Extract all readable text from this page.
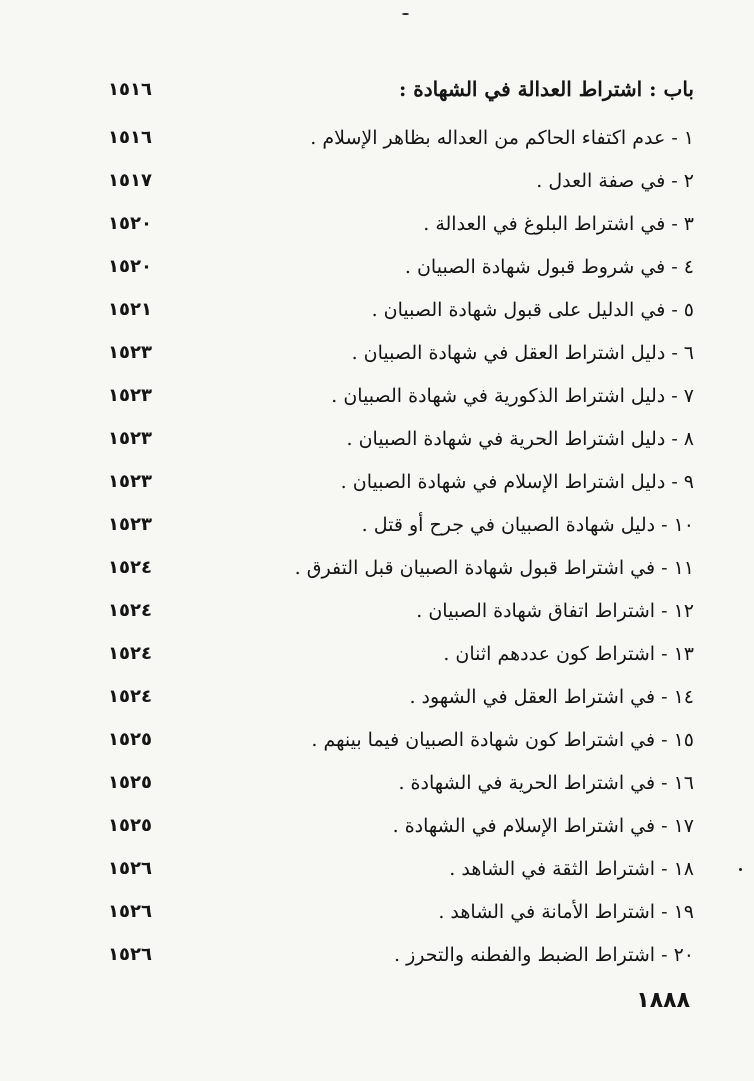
١٥١٦	باب : اشتراط العدالة في الشهادة :
١٥١٦	١ - عدم اكتفاء الحاكم من العداله بظاهر الإسلام .
١٥١٧	٢ - في صفة العدل .
١٥٢٠	٣ - في اشتراط البلوغ في العدالة .
١٥٢٠	٤ - في شروط قبول شهادة الصبيان .
١٥٢١	٥ - في الدليل على قبول شهادة الصبيان .
١٥٢٣	٦ - دليل اشتراط العقل في شهادة الصبيان .
١٥٢٣	٧ - دليل اشتراط الذكورية في شهادة الصبيان .
١٥٢٣	٨ - دليل اشتراط الحرية في شهادة الصبيان .
١٥٢٣	٩ - دليل اشتراط الإسلام في شهادة الصبيان .
١٥٢٣	١٠ - دليل شهادة الصبيان في جرح أو قتل .
١٥٢٤	١١ - في اشتراط قبول شهادة الصبيان قبل التفرق .
١٥٢٤	١٢ - اشتراط اتفاق شهادة الصبيان .
١٥٢٤	١٣ - اشتراط كون عددهم اثنان .
١٥٢٤	١٤ - في اشتراط العقل في الشهود .
١٥٢٥	١٥ - في اشتراط كون شهادة الصبيان فيما بينهم .
١٥٢٥	١٦ - في اشتراط الحرية في الشهادة .
١٥٢٥	١٧ - في اشتراط الإسلام في الشهادة .
١٥٢٦	١٨ - اشتراط الثقة في الشاهد .
١٥٢٦	١٩ - اشتراط الأمانة في الشاهد .
١٥٢٦	٢٠ - اشتراط الضبط والفطنه والتحرز .
١٨٨٨
